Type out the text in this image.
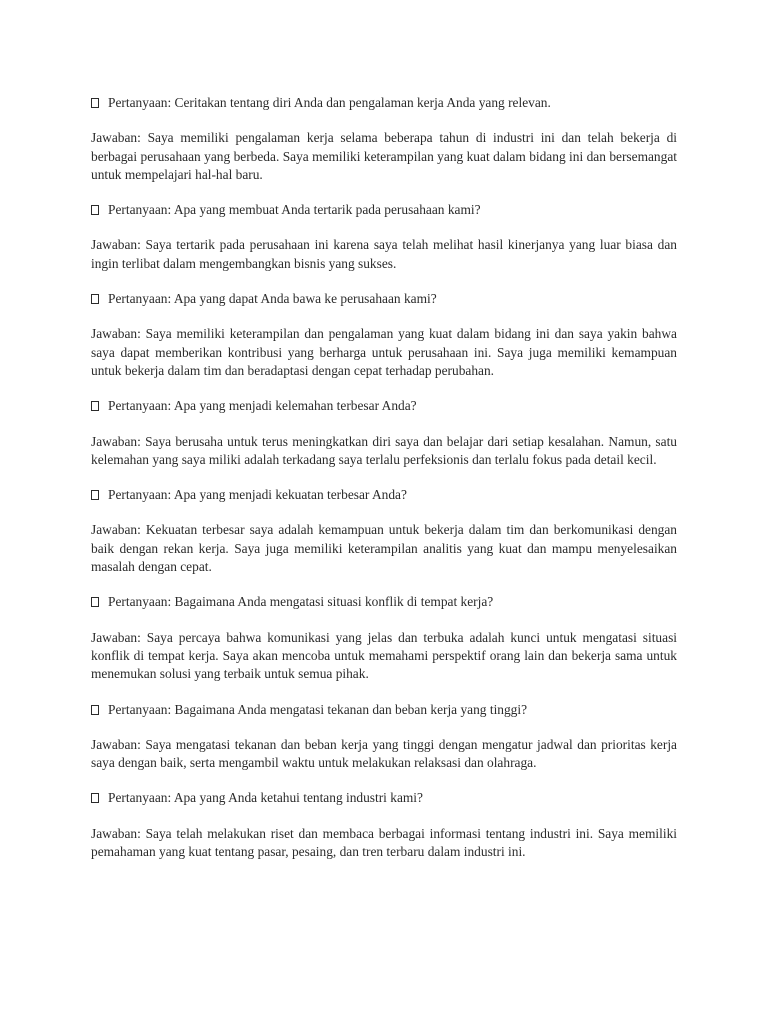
Pertanyaan: Ceritakan tentang diri Anda dan pengalaman kerja Anda yang relevan.
Jawaban: Saya memiliki pengalaman kerja selama beberapa tahun di industri ini dan telah bekerja di berbagai perusahaan yang berbeda. Saya memiliki keterampilan yang kuat dalam bidang ini dan bersemangat untuk mempelajari hal-hal baru.
Pertanyaan: Apa yang membuat Anda tertarik pada perusahaan kami?
Jawaban: Saya tertarik pada perusahaan ini karena saya telah melihat hasil kinerjanya yang luar biasa dan ingin terlibat dalam mengembangkan bisnis yang sukses.
Pertanyaan: Apa yang dapat Anda bawa ke perusahaan kami?
Jawaban: Saya memiliki keterampilan dan pengalaman yang kuat dalam bidang ini dan saya yakin bahwa saya dapat memberikan kontribusi yang berharga untuk perusahaan ini. Saya juga memiliki kemampuan untuk bekerja dalam tim dan beradaptasi dengan cepat terhadap perubahan.
Pertanyaan: Apa yang menjadi kelemahan terbesar Anda?
Jawaban: Saya berusaha untuk terus meningkatkan diri saya dan belajar dari setiap kesalahan. Namun, satu kelemahan yang saya miliki adalah terkadang saya terlalu perfeksionis dan terlalu fokus pada detail kecil.
Pertanyaan: Apa yang menjadi kekuatan terbesar Anda?
Jawaban: Kekuatan terbesar saya adalah kemampuan untuk bekerja dalam tim dan berkomunikasi dengan baik dengan rekan kerja. Saya juga memiliki keterampilan analitis yang kuat dan mampu menyelesaikan masalah dengan cepat.
Pertanyaan: Bagaimana Anda mengatasi situasi konflik di tempat kerja?
Jawaban: Saya percaya bahwa komunikasi yang jelas dan terbuka adalah kunci untuk mengatasi situasi konflik di tempat kerja. Saya akan mencoba untuk memahami perspektif orang lain dan bekerja sama untuk menemukan solusi yang terbaik untuk semua pihak.
Pertanyaan: Bagaimana Anda mengatasi tekanan dan beban kerja yang tinggi?
Jawaban: Saya mengatasi tekanan dan beban kerja yang tinggi dengan mengatur jadwal dan prioritas kerja saya dengan baik, serta mengambil waktu untuk melakukan relaksasi dan olahraga.
Pertanyaan: Apa yang Anda ketahui tentang industri kami?
Jawaban: Saya telah melakukan riset dan membaca berbagai informasi tentang industri ini. Saya memiliki pemahaman yang kuat tentang pasar, pesaing, dan tren terbaru dalam industri ini.
